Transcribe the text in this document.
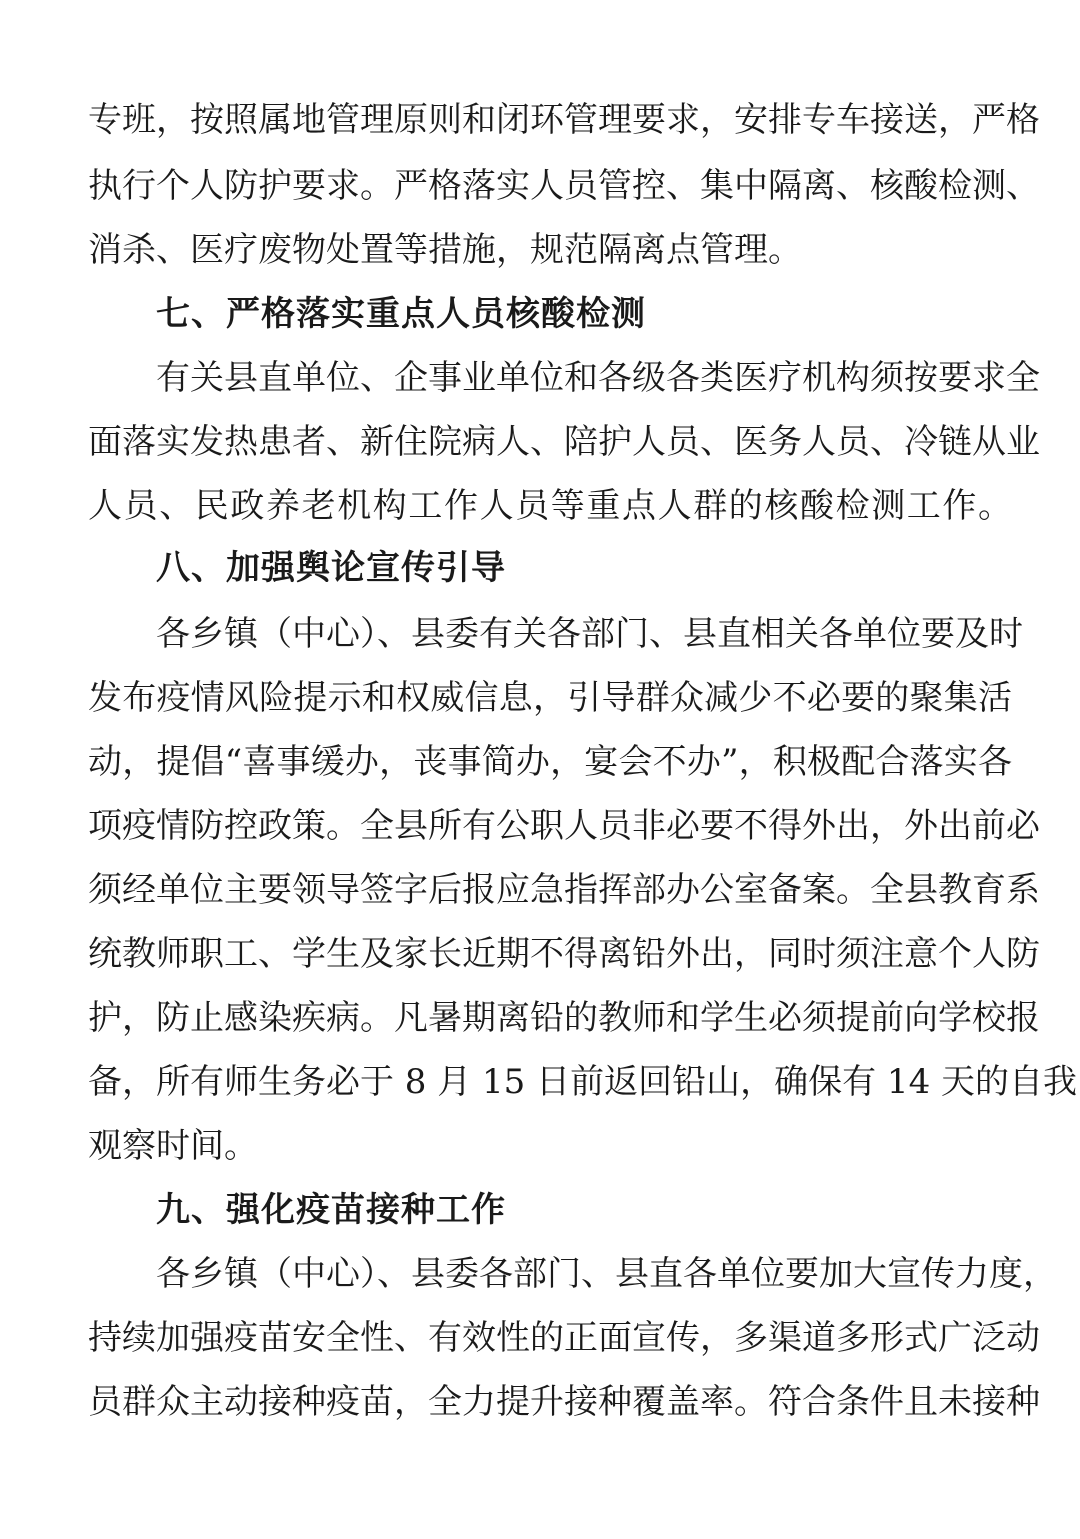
专班，按照属地管理原则和闭环管理要求，安排专车接送，严格
执行个人防护要求。严格落实人员管控、集中隔离、核酸检测、
消杀、医疗废物处置等措施，规范隔离点管理。
七、严格落实重点人员核酸检测
有关县直单位、企事业单位和各级各类医疗机构须按要求全
面落实发热患者、新住院病人、陪护人员、医务人员、冷链从业
人员、民政养老机构工作人员等重点人群的核酸检测工作。
八、加强舆论宣传引导
各乡镇（中心）、县委有关各部门、县直相关各单位要及时
发布疫情风险提示和权威信息，引导群众减少不必要的聚集活
动，提倡“喜事缓办，丧事简办，宴会不办”，积极配合落实各
项疫情防控政策。全县所有公职人员非必要不得外出，外出前必
须经单位主要领导签字后报应急指挥部办公室备案。全县教育系
统教师职工、学生及家长近期不得离铅外出，同时须注意个人防
护，防止感染疾病。凡暑期离铅的教师和学生必须提前向学校报
备，所有师生务必于 8 月 15 日前返回铅山，确保有 14 天的自我
观察时间。
九、强化疫苗接种工作
各乡镇（中心）、县委各部门、县直各单位要加大宣传力度，
持续加强疫苗安全性、有效性的正面宣传，多渠道多形式广泛动
员群众主动接种疫苗，全力提升接种覆盖率。符合条件且未接种
